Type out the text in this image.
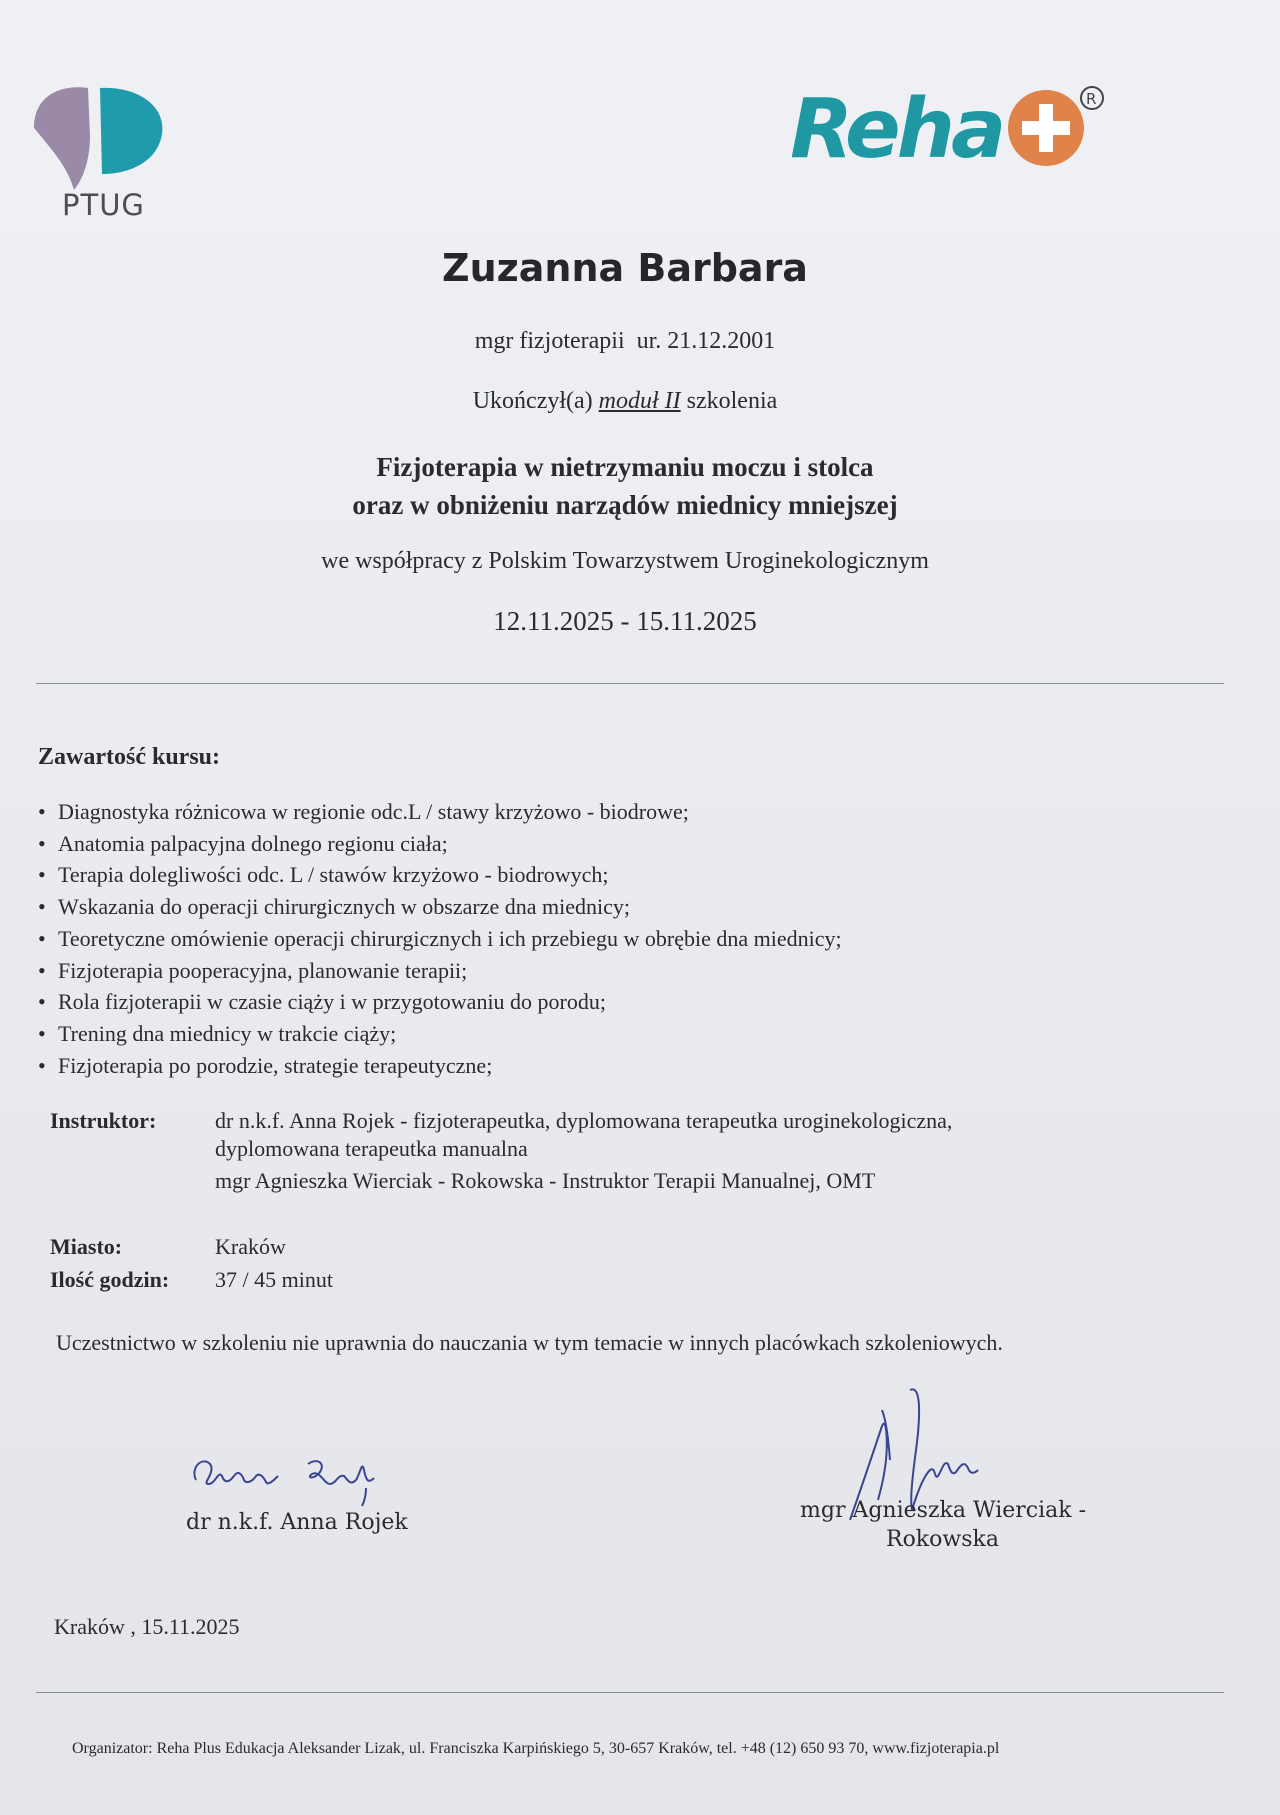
PTUG
R
Reha
Zuzanna Barbara
mgr fizjoterapii  ur. 21.12.2001
Ukończył(a) moduł II szkolenia
Fizjoterapia w nietrzymaniu moczu i stolca
oraz w obniżeniu narządów miednicy mniejszej
we współpracy z Polskim Towarzystwem Uroginekologicznym
12.11.2025 - 15.11.2025
Zawartość kursu:
• Diagnostyka różnicowa w regionie odc.L / stawy krzyżowo - biodrowe;
• Anatomia palpacyjna dolnego regionu ciała;
• Terapia dolegliwości odc. L / stawów krzyżowo - biodrowych;
• Wskazania do operacji chirurgicznych w obszarze dna miednicy;
• Teoretyczne omówienie operacji chirurgicznych i ich przebiegu w obrębie dna miednicy;
• Fizjoterapia pooperacyjna, planowanie terapii;
• Rola fizjoterapii w czasie ciąży i w przygotowaniu do porodu;
• Trening dna miednicy w trakcie ciąży;
• Fizjoterapia po porodzie, strategie terapeutyczne;
Instruktor:	dr n.k.f. Anna Rojek - fizjoterapeutka, dyplomowana terapeutka uroginekologiczna,
dyplomowana terapeutka manualna
mgr Agnieszka Wierciak - Rokowska - Instruktor Terapii Manualnej, OMT
Miasto:	Kraków
Ilość godzin: 37 / 45 minut
Uczestnictwo w szkoleniu nie uprawnia do nauczania w tym temacie w innych placówkach szkoleniowych.
dr n.k.f. Anna Rojek	mgr Agnieszka Wierciak -
Rokowska
Kraków , 15.11.2025
Organizator: Reha Plus Edukacja Aleksander Lizak, ul. Franciszka Karpińskiego 5, 30-657 Kraków, tel. +48 (12) 650 93 70, www.fizjoterapia.pl
